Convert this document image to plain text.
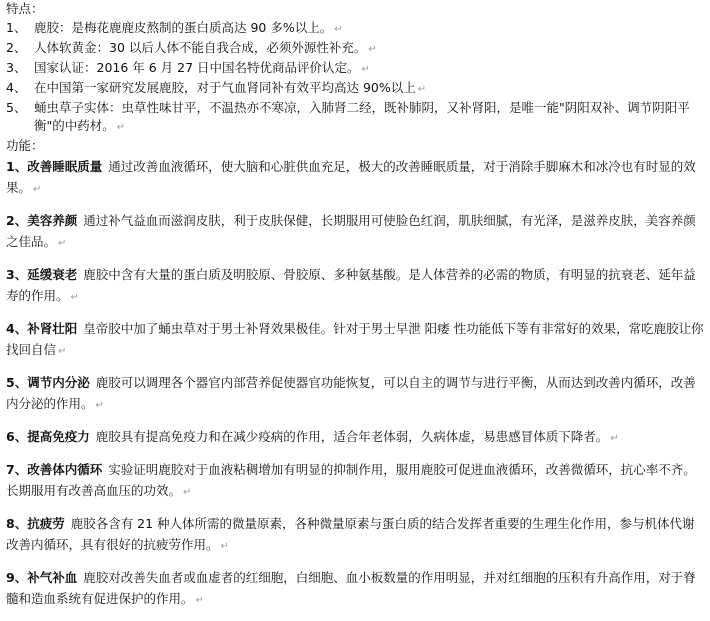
特点：
1、 鹿胶：是梅花鹿鹿皮熬制的蛋白质高达 90 多%以上。 ↵
2、 人体软黄金：30 以后人体不能自我合成，必须外源性补充。 ↵
3、 国家认证：2016 年 6 月 27 日中国名特优商品评价认定。 ↵
4、 在中国第一家研究发展鹿胶，对于气血肾同补有效平均高达 90%以上 ↵
5、 蛹虫草子实体：虫草性味甘平，不温热亦不寒凉，入肺肾二经，既补肺阴，又补肾阳，是唯一能"阴阳双补、调节阴阳平衡"的中药材。 ↵
功能：
1、改善睡眠质量 通过改善血液循环，使大脑和心脏供血充足，极大的改善睡眠质量，对于消除手脚麻木和冰冷也有时显的效果。 ↵
2、美容养颜 通过补气益血而滋润皮肤，利于皮肤保健，长期服用可使脸色红润，肌肤细腻，有光泽，是滋养皮肤，美容养颜之佳品。 ↵
3、延缓衰老 鹿胶中含有大量的蛋白质及明胶原、骨胶原、多种氨基酸。是人体营养的必需的物质，有明显的抗衰老、延年益寿的作用。 ↵
4、补肾壮阳 皇帝胶中加了蛹虫草对于男士补肾效果极佳。针对于男士早泄 阳痿 性功能低下等有非常好的效果，常吃鹿胶让你找回自信 ↵
5、调节内分泌 鹿胶可以调理各个器官内部营养促使器官功能恢复，可以自主的调节与进行平衡，从而达到改善内循环，改善内分泌的作用。 ↵
6、提高免疫力 鹿胶具有提高免疫力和在减少疫病的作用，适合年老体弱，久病体虚，易患感冒体质下降者。 ↵
7、改善体内循环 实验证明鹿胶对于血液粘稠增加有明显的抑制作用，服用鹿胶可促进血液循环，改善微循环，抗心率不齐。长期服用有改善高血压的功效。 ↵
8、抗疲劳 鹿胶各含有 21 种人体所需的微量原素，各种微量原素与蛋白质的结合发挥者重要的生理生化作用，参与机体代谢改善内循环，具有很好的抗疲劳作用。 ↵
9、补气补血 鹿胶对改善失血者或血虚者的红细胞，白细胞、血小板数量的作用明显，并对红细胞的压积有升高作用，对于脊髓和造血系统有促进保护的作用。 ↵
